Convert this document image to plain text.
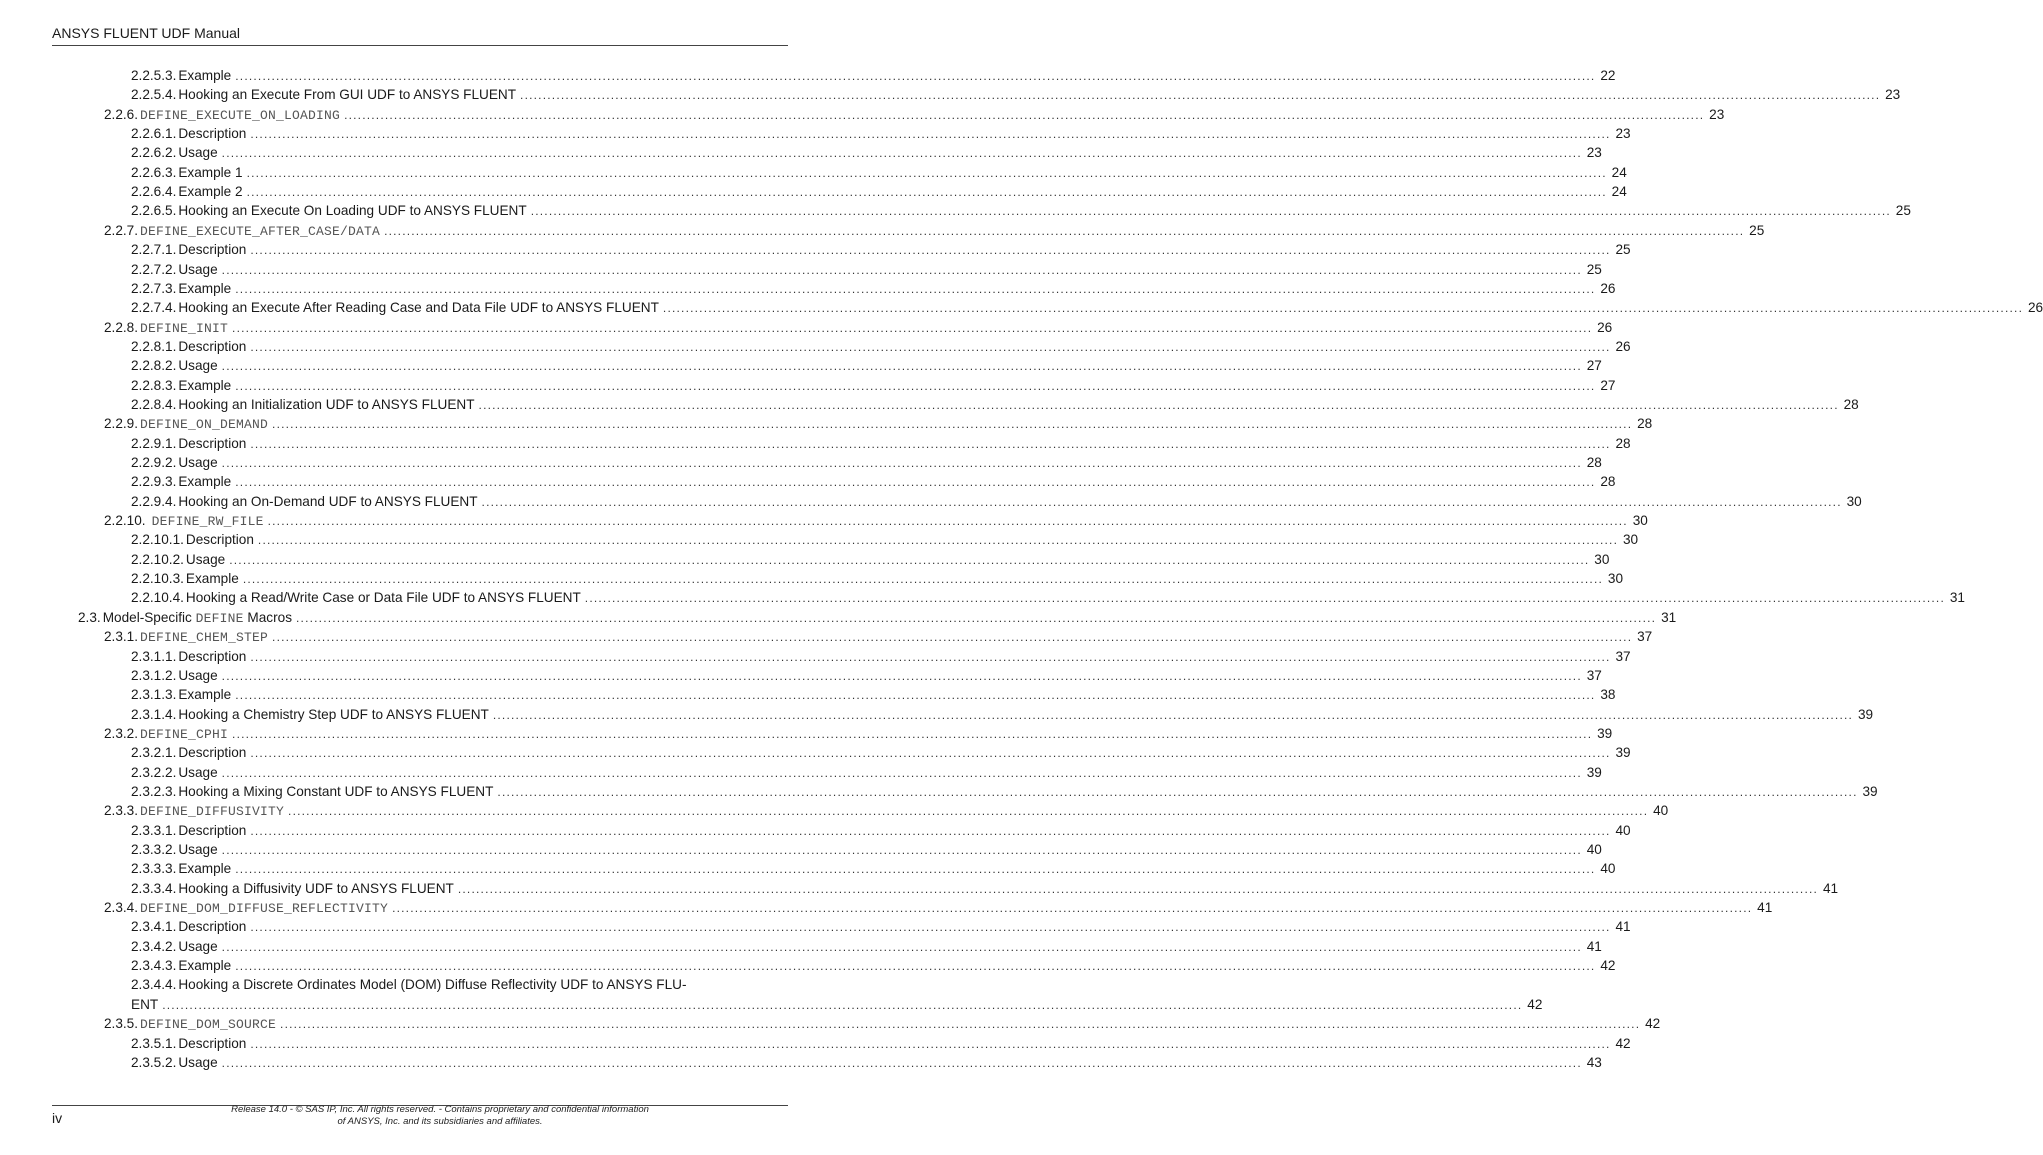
ANSYS FLUENT UDF Manual
2.2.5.3. Example ............................................................................................................................................................................................................................................................................................................ 22
2.2.5.4. Hooking an Execute From GUI UDF to ANSYS FLUENT ............................................................................................................................................................................................................................................................................................................ 23
2.2.6. DEFINE_EXECUTE_ON_LOADING ............................................................................................................................................................................................................................................................................................................ 23
2.2.6.1. Description ............................................................................................................................................................................................................................................................................................................ 23
2.2.6.2. Usage ............................................................................................................................................................................................................................................................................................................ 23
2.2.6.3. Example 1 ............................................................................................................................................................................................................................................................................................................ 24
2.2.6.4. Example 2 ............................................................................................................................................................................................................................................................................................................ 24
2.2.6.5. Hooking an Execute On Loading UDF to ANSYS FLUENT ............................................................................................................................................................................................................................................................................................................ 25
2.2.7. DEFINE_EXECUTE_AFTER_CASE/DATA ............................................................................................................................................................................................................................................................................................................ 25
2.2.7.1. Description ............................................................................................................................................................................................................................................................................................................ 25
2.2.7.2. Usage ............................................................................................................................................................................................................................................................................................................ 25
2.2.7.3. Example ............................................................................................................................................................................................................................................................................................................ 26
2.2.7.4. Hooking an Execute After Reading Case and Data File UDF to ANSYS FLUENT ............................................................................................................................................................................................................................................................................................................ 26
2.2.8. DEFINE_INIT ............................................................................................................................................................................................................................................................................................................ 26
2.2.8.1. Description ............................................................................................................................................................................................................................................................................................................ 26
2.2.8.2. Usage ............................................................................................................................................................................................................................................................................................................ 27
2.2.8.3. Example ............................................................................................................................................................................................................................................................................................................ 27
2.2.8.4. Hooking an Initialization UDF to ANSYS FLUENT ............................................................................................................................................................................................................................................................................................................ 28
2.2.9. DEFINE_ON_DEMAND ............................................................................................................................................................................................................................................................................................................ 28
2.2.9.1. Description ............................................................................................................................................................................................................................................................................................................ 28
2.2.9.2. Usage ............................................................................................................................................................................................................................................................................................................ 28
2.2.9.3. Example ............................................................................................................................................................................................................................................................................................................ 28
2.2.9.4. Hooking an On-Demand UDF to ANSYS FLUENT ............................................................................................................................................................................................................................................................................................................ 30
2.2.10. DEFINE_RW_FILE ............................................................................................................................................................................................................................................................................................................ 30
2.2.10.1. Description ............................................................................................................................................................................................................................................................................................................ 30
2.2.10.2. Usage ............................................................................................................................................................................................................................................................................................................ 30
2.2.10.3. Example ............................................................................................................................................................................................................................................................................................................ 30
2.2.10.4. Hooking a Read/Write Case or Data File UDF to ANSYS FLUENT ............................................................................................................................................................................................................................................................................................................ 31
2.3. Model-Specific DEFINE Macros ............................................................................................................................................................................................................................................................................................................ 31
2.3.1. DEFINE_CHEM_STEP ............................................................................................................................................................................................................................................................................................................ 37
2.3.1.1. Description ............................................................................................................................................................................................................................................................................................................ 37
2.3.1.2. Usage ............................................................................................................................................................................................................................................................................................................ 37
2.3.1.3. Example ............................................................................................................................................................................................................................................................................................................ 38
2.3.1.4. Hooking a Chemistry Step UDF to ANSYS FLUENT ............................................................................................................................................................................................................................................................................................................ 39
2.3.2. DEFINE_CPHI ............................................................................................................................................................................................................................................................................................................ 39
2.3.2.1. Description ............................................................................................................................................................................................................................................................................................................ 39
2.3.2.2. Usage ............................................................................................................................................................................................................................................................................................................ 39
2.3.2.3. Hooking a Mixing Constant UDF to ANSYS FLUENT ............................................................................................................................................................................................................................................................................................................ 39
2.3.3. DEFINE_DIFFUSIVITY ............................................................................................................................................................................................................................................................................................................ 40
2.3.3.1. Description ............................................................................................................................................................................................................................................................................................................ 40
2.3.3.2. Usage ............................................................................................................................................................................................................................................................................................................ 40
2.3.3.3. Example ............................................................................................................................................................................................................................................................................................................ 40
2.3.3.4. Hooking a Diffusivity UDF to ANSYS FLUENT ............................................................................................................................................................................................................................................................................................................ 41
2.3.4. DEFINE_DOM_DIFFUSE_REFLECTIVITY ............................................................................................................................................................................................................................................................................................................ 41
2.3.4.1. Description ............................................................................................................................................................................................................................................................................................................ 41
2.3.4.2. Usage ............................................................................................................................................................................................................................................................................................................ 41
2.3.4.3. Example ............................................................................................................................................................................................................................................................................................................ 42
2.3.4.4. Hooking a Discrete Ordinates Model (DOM) Diffuse Reflectivity UDF to ANSYS FLU-
ENT ............................................................................................................................................................................................................................................................................................................ 42
2.3.5. DEFINE_DOM_SOURCE ............................................................................................................................................................................................................................................................................................................ 42
2.3.5.1. Description ............................................................................................................................................................................................................................................................................................................ 42
2.3.5.2. Usage ............................................................................................................................................................................................................................................................................................................ 43
iv
Release 14.0 - © SAS IP, Inc. All rights reserved. - Contains proprietary and confidential information
of ANSYS, Inc. and its subsidiaries and affiliates.
